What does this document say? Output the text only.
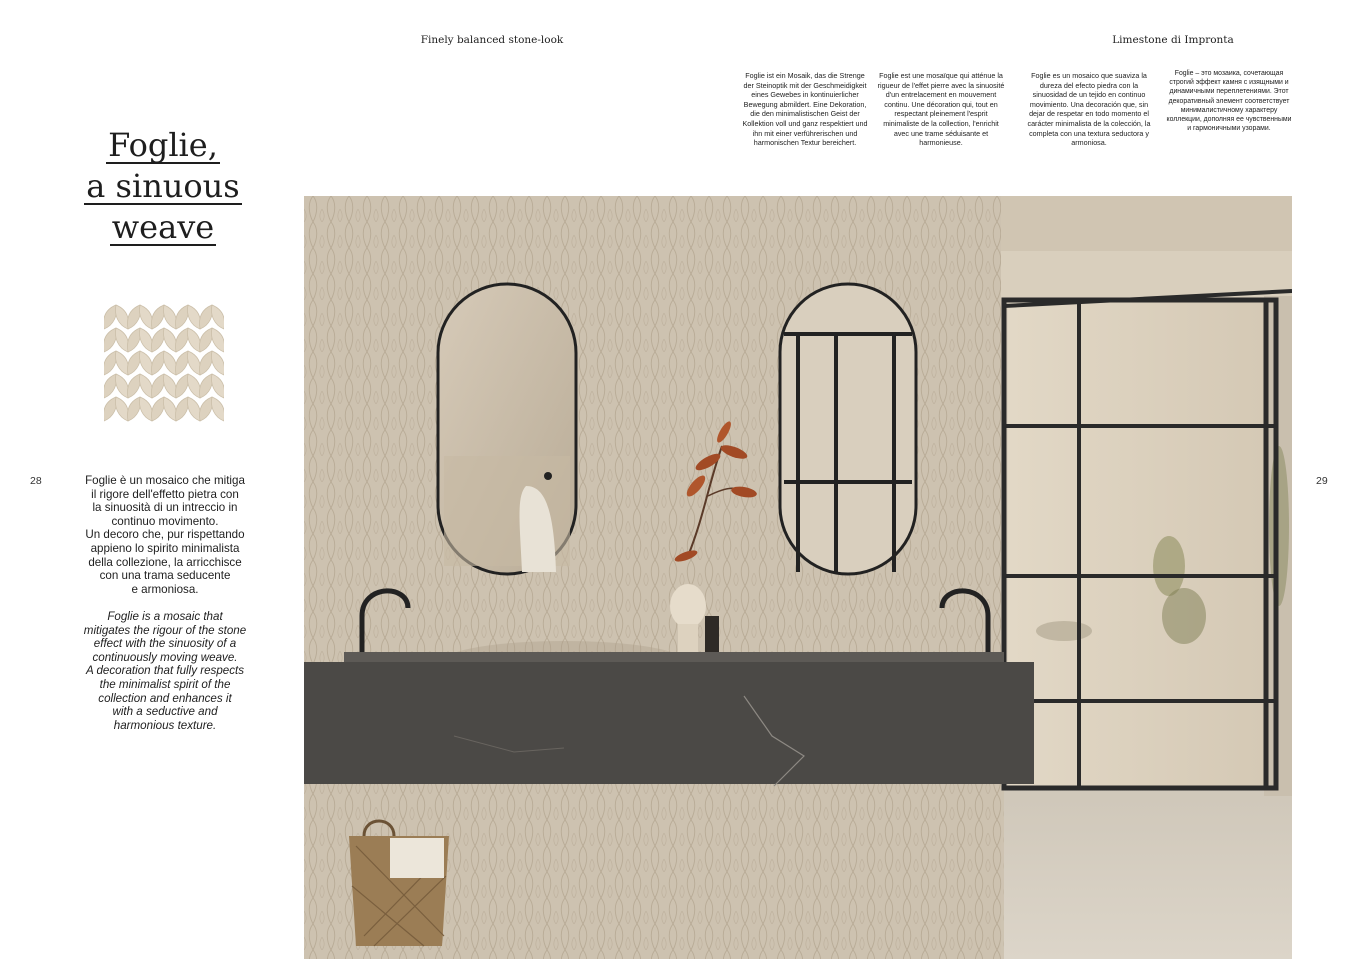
Finely balanced stone-look	Limestone di Impronta
Foglie ist ein Mosaik, das die Strenge der Steinoptik mit der Geschmeidigkeit eines Gewebes in kontinuierlicher Bewegung abmildert. Eine Dekoration, die den minimalistischen Geist der Kollektion voll und ganz respektiert und ihn mit einer verführerischen und harmonischen Textur bereichert.
Foglie est une mosaïque qui atténue la rigueur de l'effet pierre avec la sinuosité d'un entrelacement en mouvement continu. Une décoration qui, tout en respectant pleinement l'esprit minimaliste de la collection, l'enrichit avec une trame séduisante et harmonieuse.
Foglie es un mosaico que suaviza la dureza del efecto piedra con la sinuosidad de un tejido en continuo movimiento. Una decoración que, sin dejar de respetar en todo momento el carácter minimalista de la colección, la completa con una textura seductora y armoniosa.
Foglie – это мозаика, сочетающая строгий эффект камня с изящными и динамичными переплетениями. Этот декоративный элемент соответствует минималистичному характеру коллекции, дополняя ее чувственными и гармоничными узорами.
Foglie,
a sinuous
weave
28	29
Foglie è un mosaico che mitiga
il rigore dell'effetto pietra con
la sinuosità di un intreccio in
continuo movimento.
Un decoro che, pur rispettando
appieno lo spirito minimalista
della collezione, la arricchisce
con una trama seducente
e armoniosa.
Foglie is a mosaic that
mitigates the rigour of the stone
effect with the sinuosity of a
continuously moving weave.
A decoration that fully respects
the minimalist spirit of the
collection and enhances it
with a seductive and
harmonious texture.
